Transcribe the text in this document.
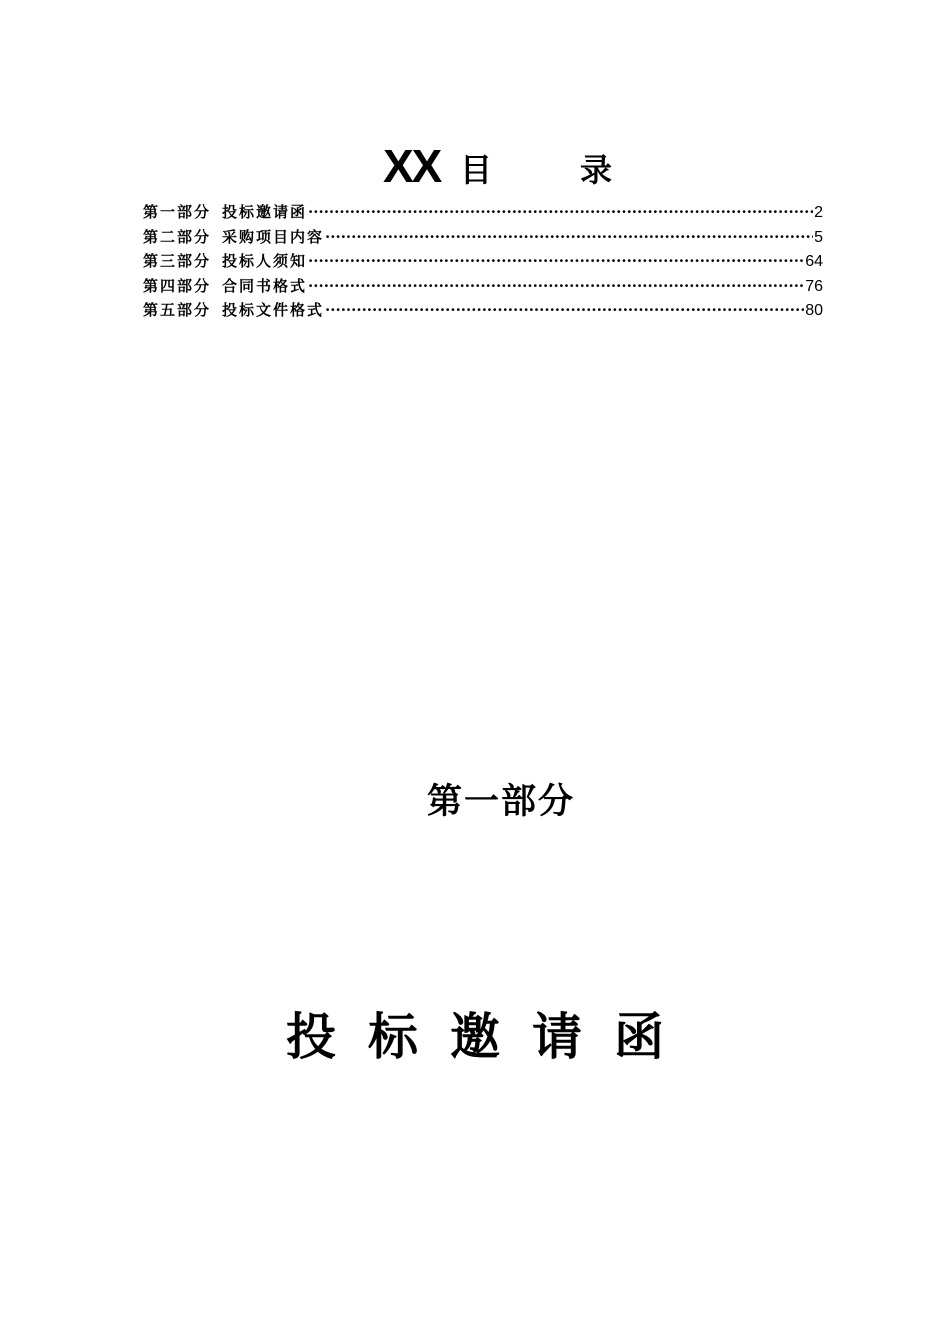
XX 目	录
第一部分 投标邀请函 ·····	2
第二部分 采购项目内容 ·····	5
第三部分 投标人须知 ·····	64
第四部分 合同书格式 ·····	76
第五部分 投标文件格式 ·····	80
第一部分
投标邀请函
